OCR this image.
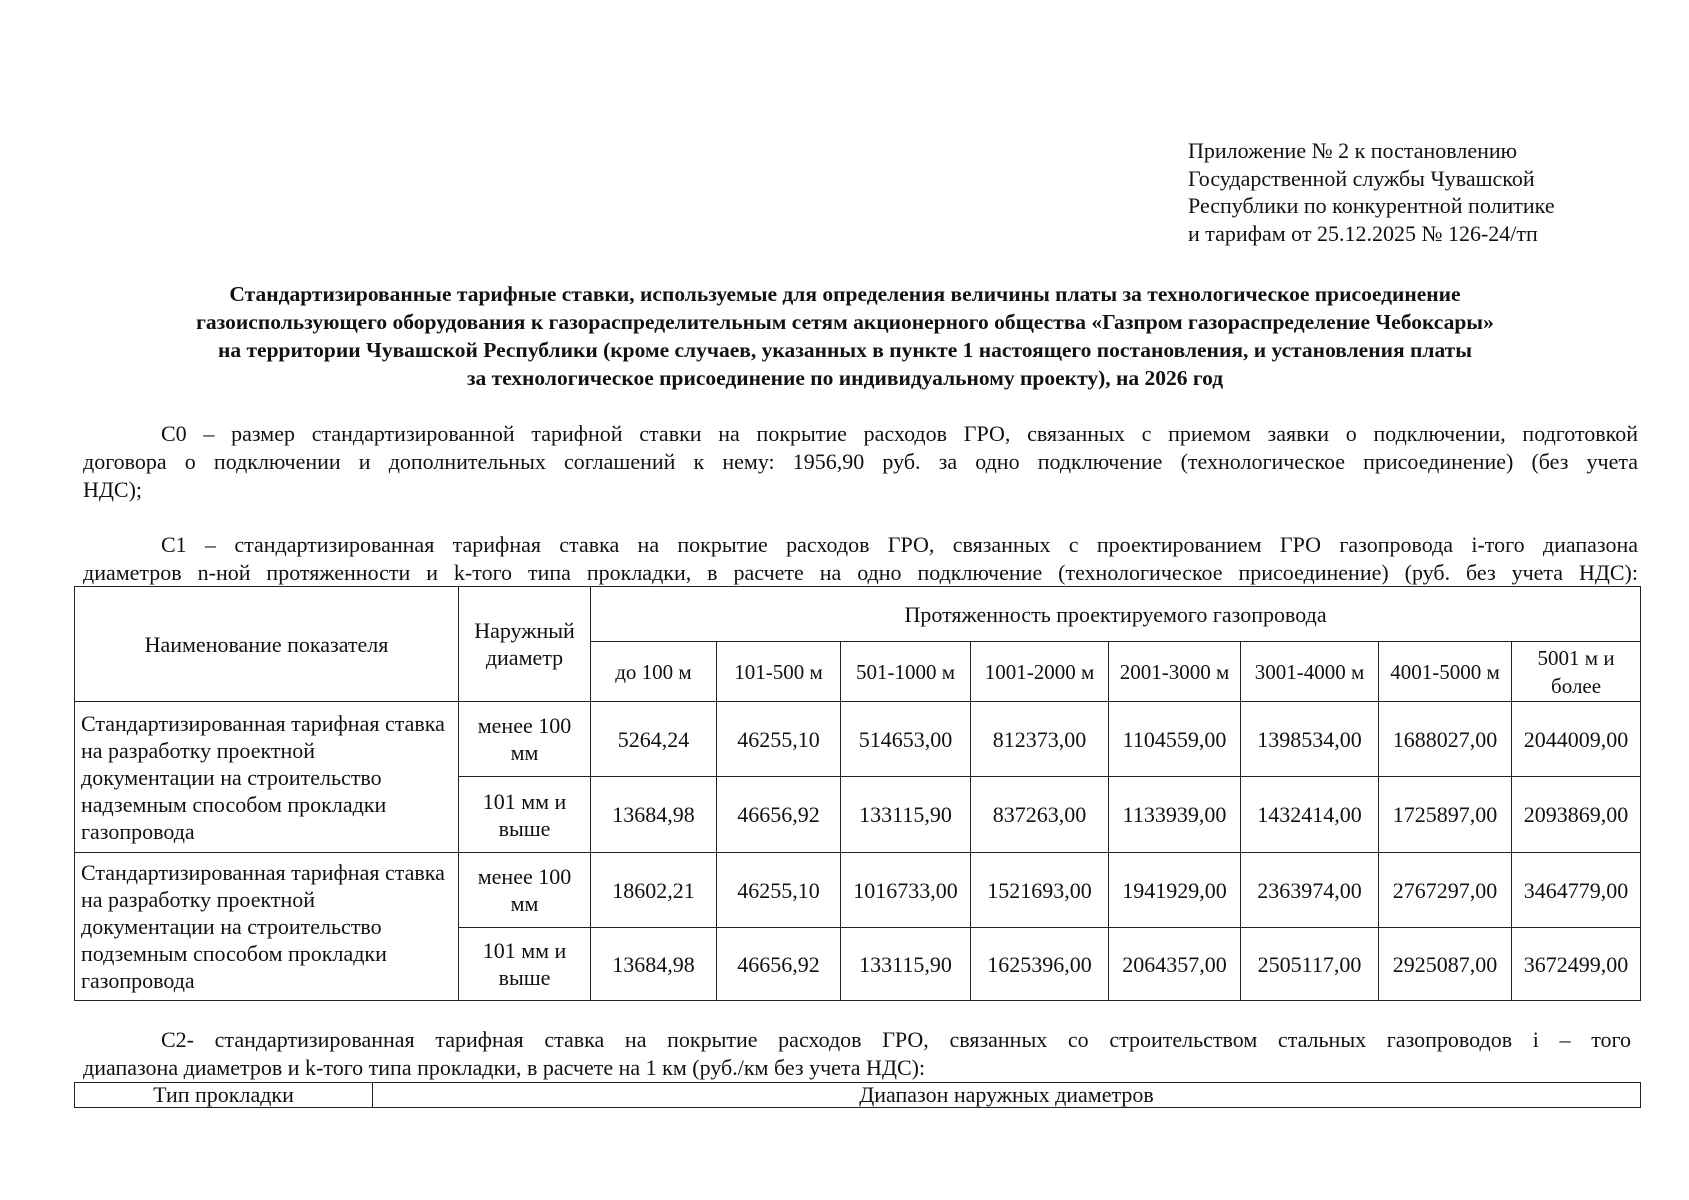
Приложение № 2 к постановлению
Государственной службы Чувашской
Республики по конкурентной политике
и тарифам от 25.12.2025 № 126-24/тп
Стандартизированные тарифные ставки, используемые для определения величины платы за технологическое присоединение
газоиспользующего оборудования к газораспределительным сетям акционерного общества «Газпром газораспределение Чебоксары»
на территории Чувашской Республики (кроме случаев, указанных в пункте 1 настоящего постановления, и установления платы
за технологическое присоединение по индивидуальному проекту), на 2026 год
С0 – размер стандартизированной тарифной ставки на покрытие расходов ГРО, связанных с приемом заявки о подключении, подготовкой
договора о подключении и дополнительных соглашений к нему: 1956,90 руб. за одно подключение (технологическое присоединение) (без учета
НДС);
С1 – стандартизированная тарифная ставка на покрытие расходов ГРО, связанных с проектированием ГРО газопровода i-того диапазона
диаметров n-ной протяженности и k-того типа прокладки, в расчете на одно подключение (технологическое присоединение) (руб. без учета НДС):
Наименование показателя	Наружный диаметр	Протяженность проектируемого газопровода							
		до 100 м	101-500 м	501-1000 м	1001-2000 м	2001-3000 м	3001-4000 м	4001-5000 м	5001 м и более
Стандартизированная тарифная ставка на разработку проектной документации на строительство надземным способом прокладки газопровода	менее 100 мм	5264,24	46255,10	514653,00	812373,00	1104559,00	1398534,00	1688027,00	2044009,00
	101 мм и выше	13684,98	46656,92	133115,90	837263,00	1133939,00	1432414,00	1725897,00	2093869,00
Стандартизированная тарифная ставка на разработку проектной документации на строительство подземным способом прокладки газопровода	менее 100 мм	18602,21	46255,10	1016733,00	1521693,00	1941929,00	2363974,00	2767297,00	3464779,00
	101 мм и выше	13684,98	46656,92	133115,90	1625396,00	2064357,00	2505117,00	2925087,00	3672499,00
С2- стандартизированная тарифная ставка на покрытие расходов ГРО, связанных со строительством стальных газопроводов i – того
диапазона диаметров и k-того типа прокладки, в расчете на 1 км (руб./км без учета НДС):
Тип прокладки	Диапазон наружных диаметров
